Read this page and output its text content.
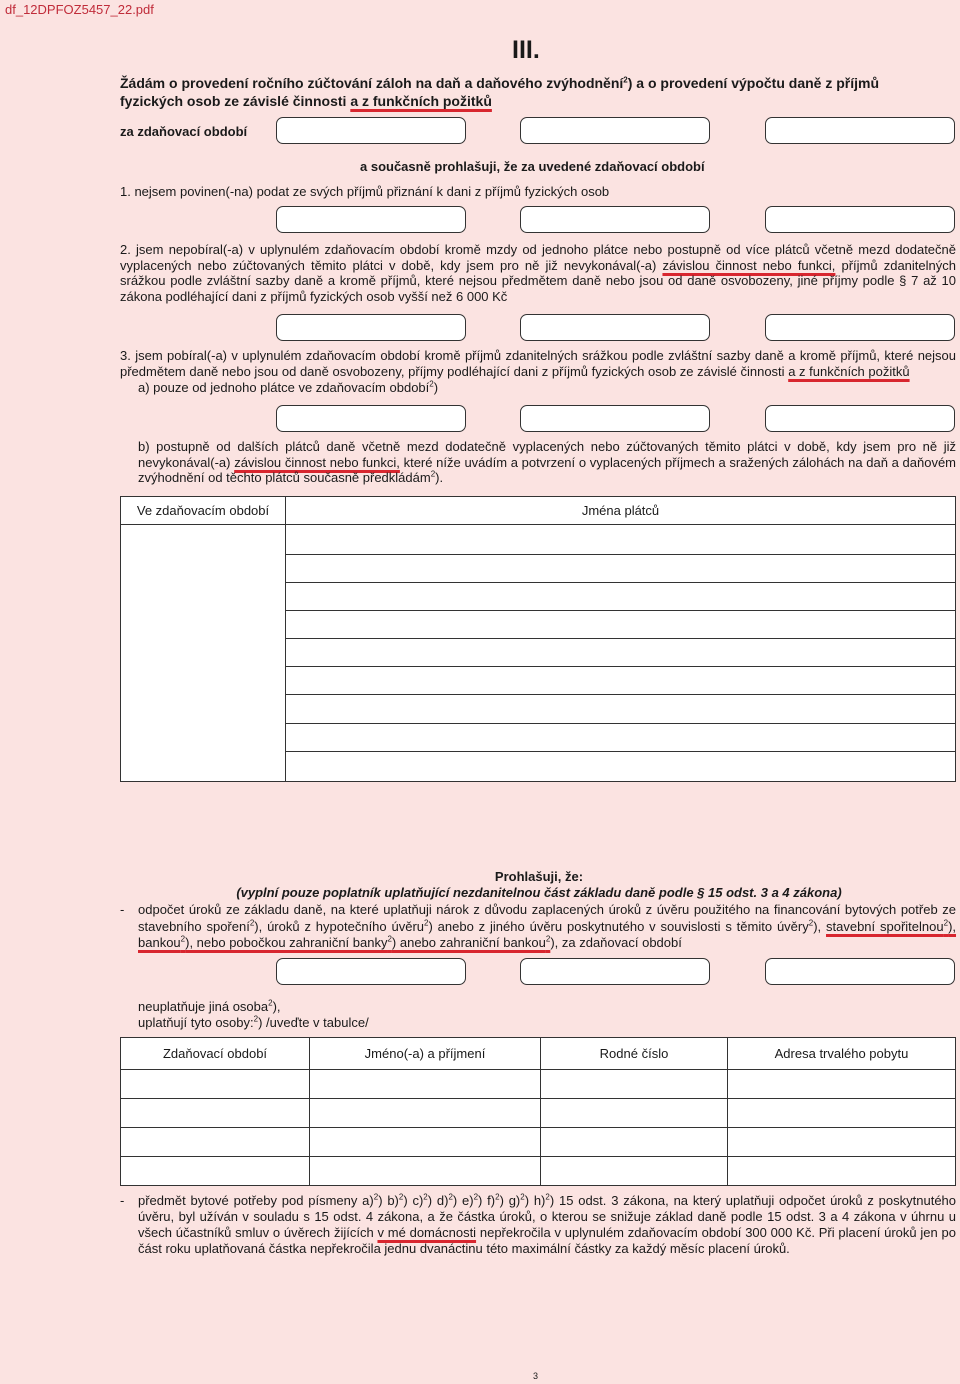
df_12DPFOZ5457_22.pdf
III.
Žádám o provedení ročního zúčtování záloh na daň a daňového zvýhodnění$^2$) a o provedení výpočtu daně z příjmů
fyzických osob ze závislé činnosti a z funkčních požitků
za zdaňovací období
a současně prohlašuji, že za uvedené zdaňovací období
1. nejsem povinen(-na) podat ze svých příjmů přiznání k dani z příjmů fyzických osob
2. jsem nepobíral(-a) v uplynulém zdaňovacím období kromě mzdy od jednoho plátce nebo postupně od více plátců včetně mezd dodatečně vyplacených nebo zúčtovaných těmito plátci v době, kdy jsem pro ně již nevykonával(-a) závislou činnost nebo funkci, příjmů zdanitelných srážkou podle zvláštní sazby daně a kromě příjmů, které nejsou předmětem daně nebo jsou od daně osvobozeny, jiné příjmy podle § 7 až 10 zákona podléhající dani z příjmů fyzických osob vyšší než 6 000 Kč
3. jsem pobíral(-a) v uplynulém zdaňovacím období kromě příjmů zdanitelných srážkou podle zvláštní sazby daně a kromě příjmů, které nejsou předmětem daně nebo jsou od daně osvobozeny, příjmy podléhající dani z příjmů fyzických osob ze závislé činnosti a z funkčních požitků
a) pouze od jednoho plátce ve zdaňovacím období$^2$)
b) postupně od dalších plátců daně včetně mezd dodatečně vyplacených nebo zúčtovaných těmito plátci v době, kdy jsem pro ně již nevykonával(-a) závislou činnost nebo funkci, které níže uvádím a potvrzení o vyplacených příjmech a sražených zálohách na daň a daňovém zvýhodnění od těchto plátců současně předkládám$^2$).
Ve zdaňovacím období	Jména plátců

Prohlašuji, že:
(vyplní pouze poplatník uplatňující nezdanitelnou část základu daně podle § 15 odst. 3 a 4 zákona)
- odpočet úroků ze základu daně, na které uplatňuji nárok z důvodu zaplacených úroků z úvěru použitého na financování bytových potřeb ze stavebního spoření$^2$), úroků z hypotečního úvěru$^2$) anebo z jiného úvěru poskytnutého v souvislosti s těmito úvěry$^2$), stavební spořitelnou$^2$), bankou$^2$), nebo pobočkou zahraniční banky$^2$) anebo zahraniční bankou$^2$), za zdaňovací období
neuplatňuje jiná osoba$^2$),
uplatňují tyto osoby:$^2$) /uveďte v tabulce/
Zdaňovací období	Jméno(-a) a příjmení	Rodné číslo	Adresa trvalého pobytu

- předmět bytové potřeby pod písmeny a)$^2$) b)$^2$) c)$^2$) d)$^2$) e)$^2$) f)$^2$) g)$^2$) h)$^2$) 15 odst. 3 zákona, na který uplatňuji odpočet úroků z poskytnutého úvěru, byl užíván v souladu s 15 odst. 4 zákona, a že částka úroků, o kterou se snižuje základ daně podle 15 odst. 3 a 4 zákona v úhrnu u všech účastníků smluv o úvěrech žijících v mé domácnosti nepřekročila v uplynulém zdaňovacím období 300 000 Kč. Při placení úroků jen po část roku uplatňovaná částka nepřekročila jednu dvanáctinu této maximální částky za každý měsíc placení úroků.
3
